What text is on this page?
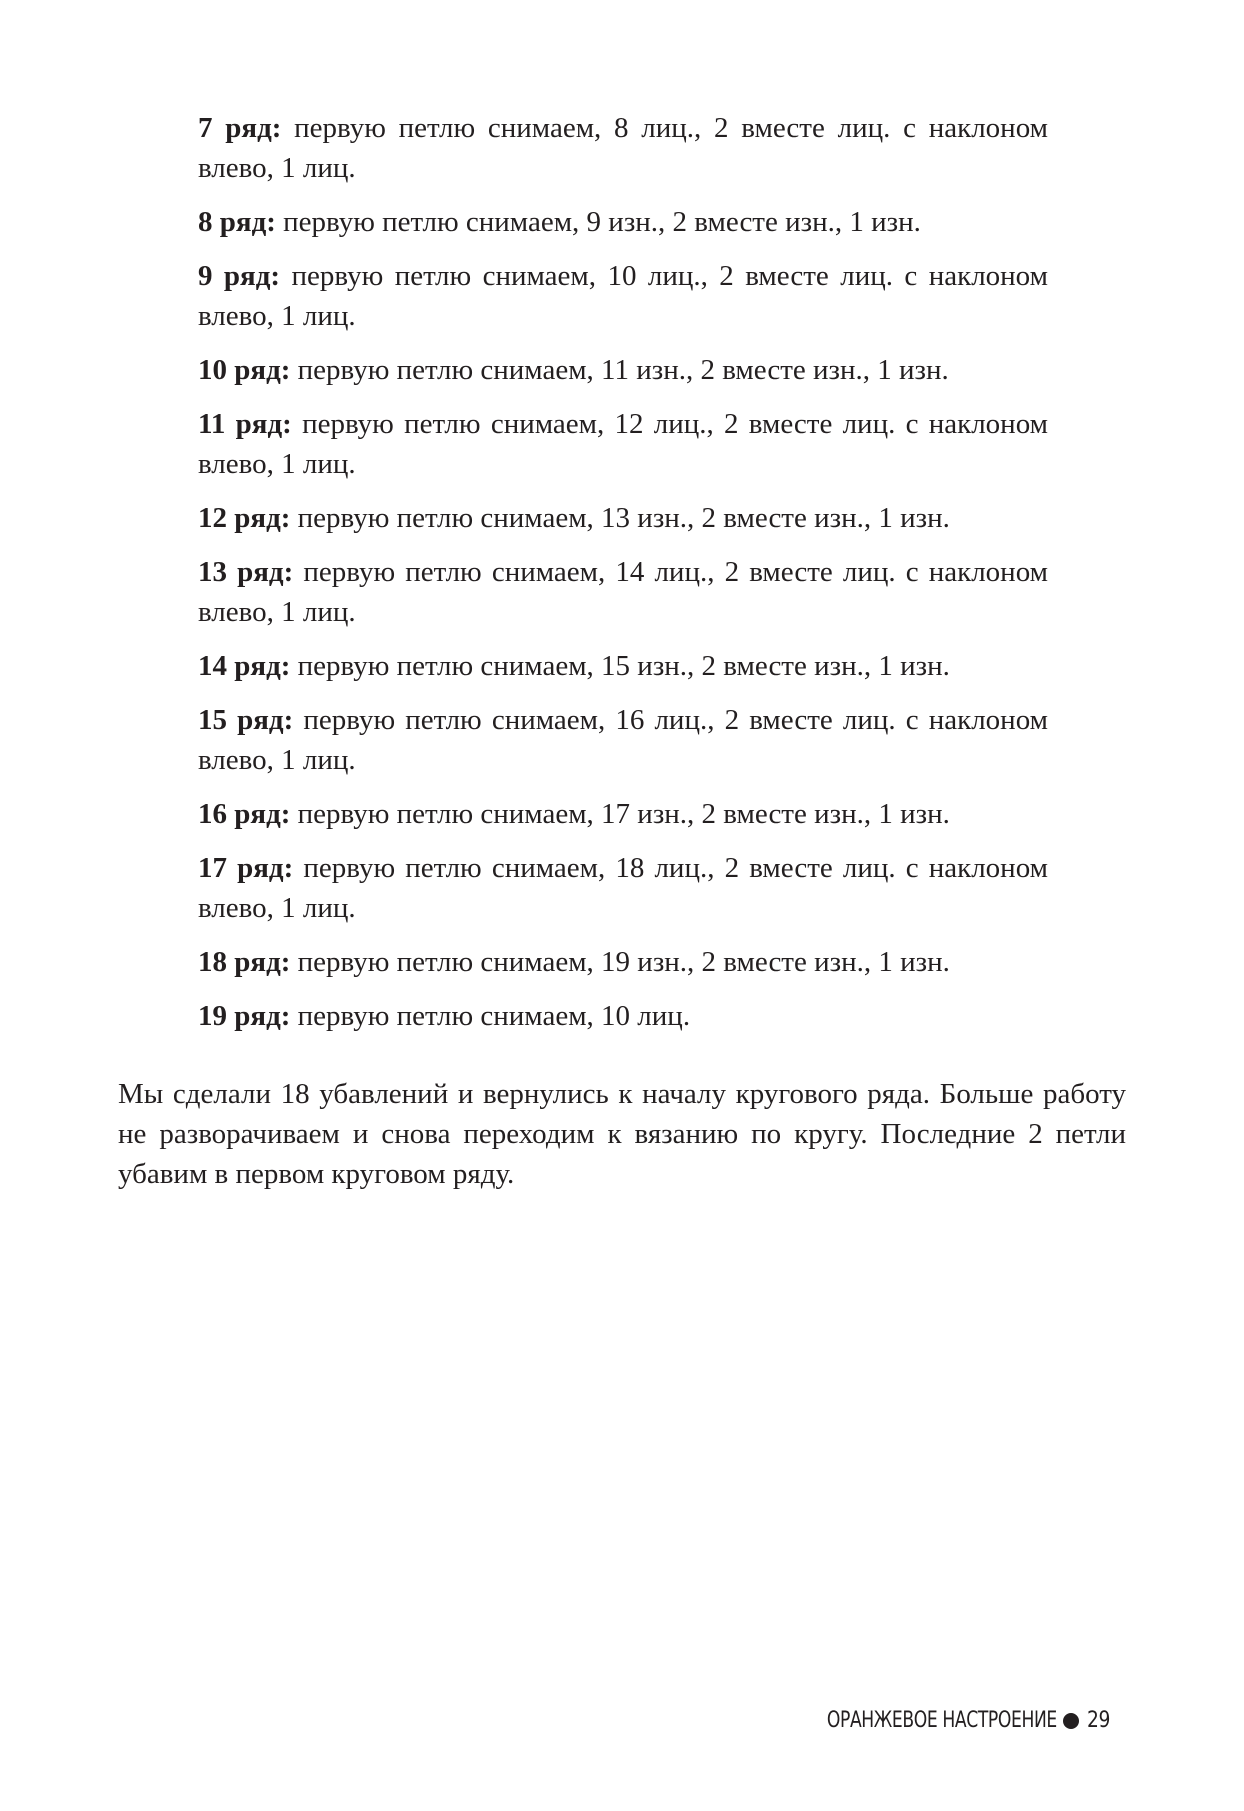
7 ряд: первую петлю снимаем, 8 лиц., 2 вместе лиц. с наклоном влево, 1 лиц.

8 ряд: первую петлю снимаем, 9 изн., 2 вместе изн., 1 изн.

9 ряд: первую петлю снимаем, 10 лиц., 2 вместе лиц. с наклоном влево, 1 лиц.

10 ряд: первую петлю снимаем, 11 изн., 2 вместе изн., 1 изн.

11 ряд: первую петлю снимаем, 12 лиц., 2 вместе лиц. с наклоном влево, 1 лиц.

12 ряд: первую петлю снимаем, 13 изн., 2 вместе изн., 1 изн.

13 ряд: первую петлю снимаем, 14 лиц., 2 вместе лиц. с наклоном влево, 1 лиц.

14 ряд: первую петлю снимаем, 15 изн., 2 вместе изн., 1 изн.

15 ряд: первую петлю снимаем, 16 лиц., 2 вместе лиц. с наклоном влево, 1 лиц.

16 ряд: первую петлю снимаем, 17 изн., 2 вместе изн., 1 изн.

17 ряд: первую петлю снимаем, 18 лиц., 2 вместе лиц. с наклоном влево, 1 лиц.

18 ряд: первую петлю снимаем, 19 изн., 2 вместе изн., 1 изн.

19 ряд: первую петлю снимаем, 10 лиц.

Мы сделали 18 убавлений и вернулись к началу кругового ряда. Больше работу не разворачиваем и снова переходим к вязанию по кругу. Последние 2 петли убавим в первом круговом ряду.

ОРАНЖЕВОЕ НАСТРОЕНИЕ 29
